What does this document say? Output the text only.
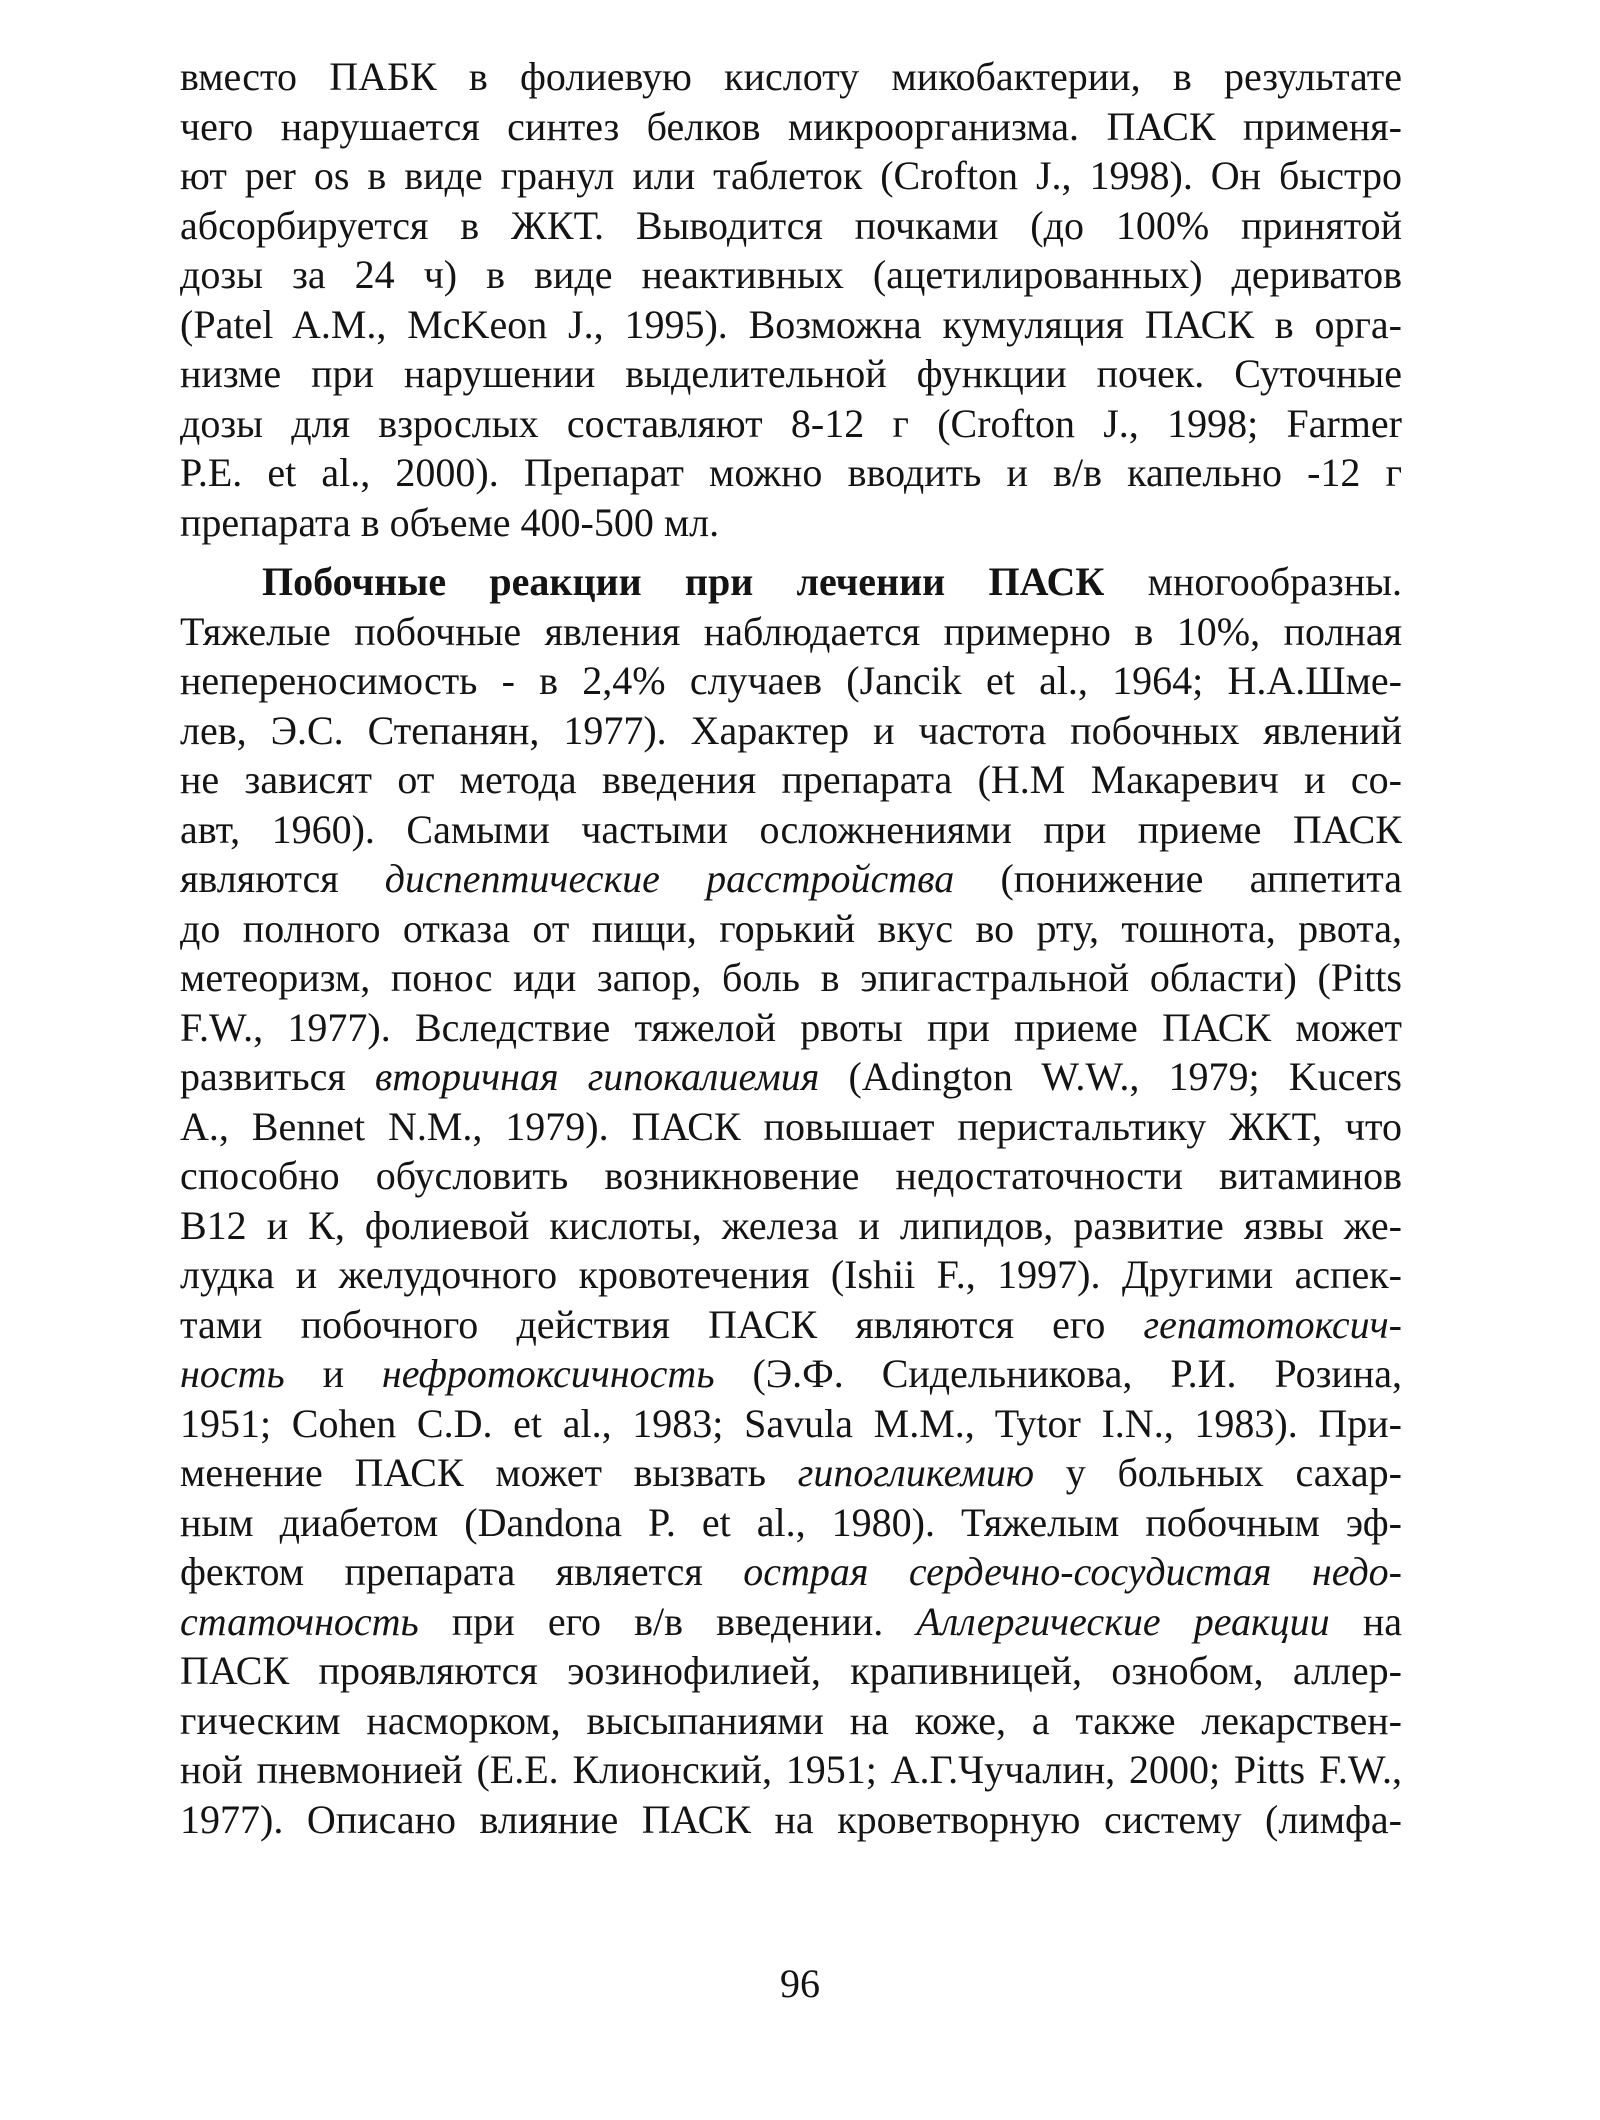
вместо ПАБК в фолиевую кислоту микобактерии, в результате
чего нарушается синтез белков микроорганизма. ПАСК применя-
ют per os в виде гранул или таблеток (Crofton J., 1998). Он быстро
абсорбируется в ЖКТ. Выводится почками (до 100% принятой
дозы за 24 ч) в виде неактивных (ацетилированных) дериватов
(Patel A.M., McKeon J., 1995). Возможна кумуляция ПАСК в орга-
низме при нарушении выделительной функции почек. Суточные
дозы для взрослых составляют 8-12 г (Crofton J., 1998; Farmer
P.E. et al., 2000). Препарат можно вводить и в/в капельно -12 г
препарата в объеме 400-500 мл.
Побочные реакции при лечении ПАСК многообразны.
Тяжелые побочные явления наблюдается примерно в 10%, полная
непереносимость - в 2,4% случаев (Jancik et al., 1964; Н.А.Шме-
лев, Э.С. Степанян, 1977). Характер и частота побочных явлений
не зависят от метода введения препарата (Н.М Макаревич и со-
авт, 1960). Самыми частыми осложнениями при приеме ПАСК
являются диспептические расстройства (понижение аппетита
до полного отказа от пищи, горький вкус во рту, тошнота, рвота,
метеоризм, понос иди запор, боль в эпигастральной области) (Pitts
F.W., 1977). Вследствие тяжелой рвоты при приеме ПАСК может
развиться вторичная гипокалиемия (Adington W.W., 1979; Kucers
A., Bennet N.M., 1979). ПАСК повышает перистальтику ЖКТ, что
способно обусловить возникновение недостаточности витаминов
B12 и К, фолиевой кислоты, железа и липидов, развитие язвы же-
лудка и желудочного кровотечения (Ishii F., 1997). Другими аспек-
тами побочного действия ПАСК являются его гепатотоксич-
ность и нефротоксичность (Э.Ф. Сидельникова, Р.И. Розина,
1951; Cohen C.D. et al., 1983; Savula M.M., Tytor I.N., 1983). При-
менение ПАСК может вызвать гипогликемию у больных сахар-
ным диабетом (Dandona P. et al., 1980). Тяжелым побочным эф-
фектом препарата является острая сердечно-сосудистая недо-
статочность при его в/в введении. Аллергические реакции на
ПАСК проявляются эозинофилией, крапивницей, ознобом, аллер-
гическим насморком, высыпаниями на коже, а также лекарствен-
ной пневмонией (Е.Е. Клионский, 1951; А.Г.Чучалин, 2000; Pitts F.W.,
1977). Описано влияние ПАСК на кроветворную систему (лимфа-
96
